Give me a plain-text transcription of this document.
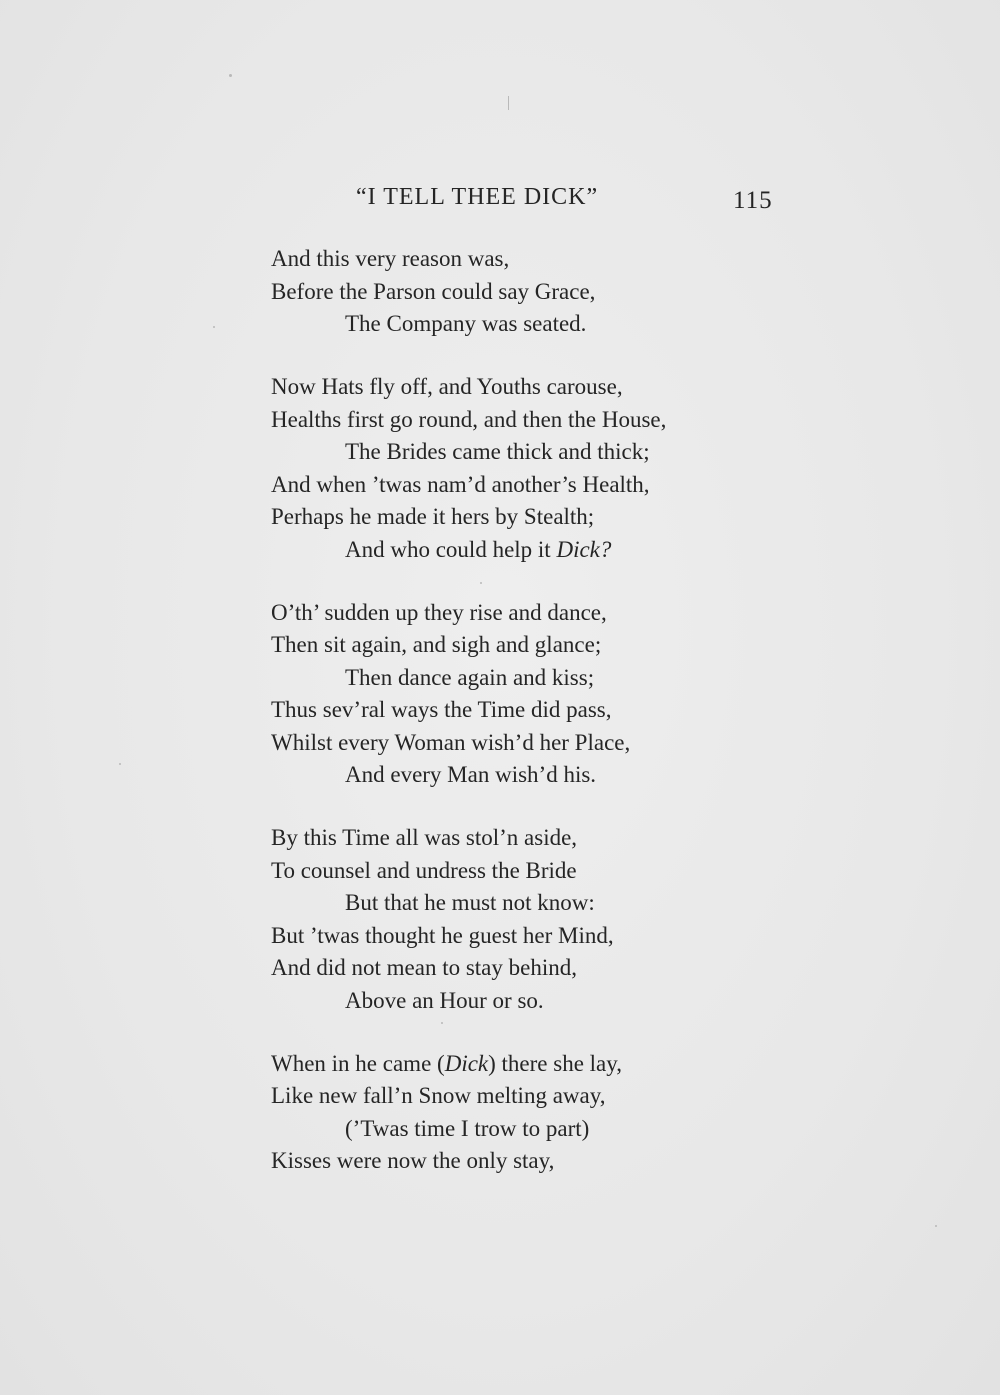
“I TELL THEE DICK”	115
And this very reason was,
Before the Parson could say Grace,
The Company was seated.
Now Hats fly off, and Youths carouse,
Healths first go round, and then the House,
The Brides came thick and thick;
And when ’twas nam’d another’s Health,
Perhaps he made it hers by Stealth;
And who could help it Dick?
O’th’ sudden up they rise and dance,
Then sit again, and sigh and glance;
Then dance again and kiss;
Thus sev’ral ways the Time did pass,
Whilst every Woman wish’d her Place,
And every Man wish’d his.
By this Time all was stol’n aside,
To counsel and undress the Bride
But that he must not know:
But ’twas thought he guest her Mind,
And did not mean to stay behind,
Above an Hour or so.
When in he came (Dick) there she lay,
Like new fall’n Snow melting away,
(’Twas time I trow to part)
Kisses were now the only stay,
